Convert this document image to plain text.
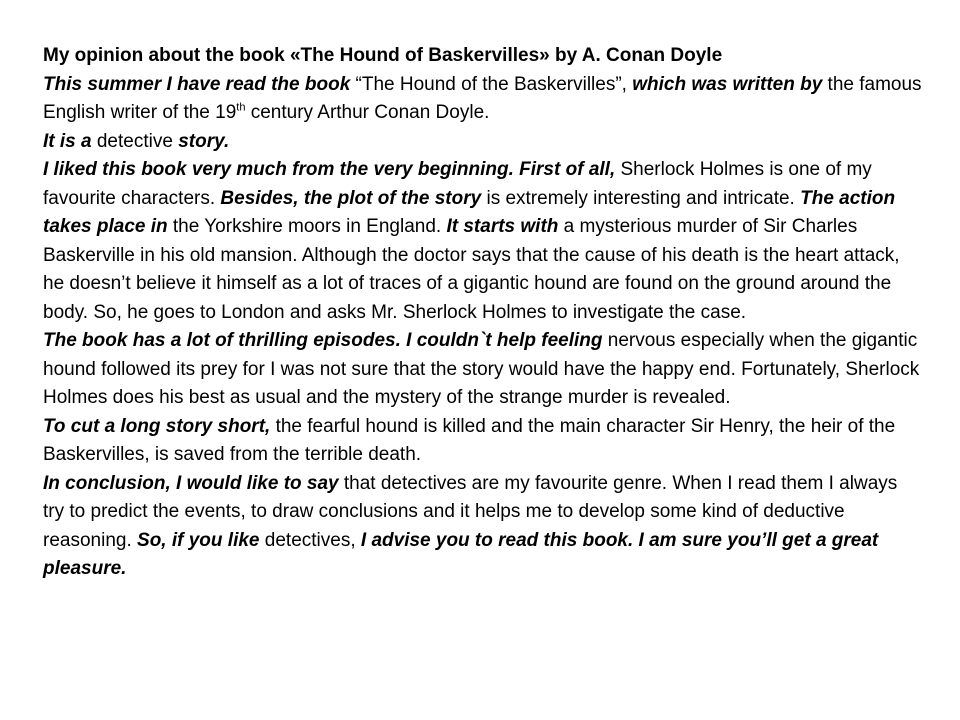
My opinion about the book «The Hound of Baskervilles» by A. Conan Doyle

This summer I have read the book “The Hound of the Baskervilles”, which was written by the famous English writer of the 19th century Arthur Conan Doyle.
It is a detective story.

I liked this book very much from the very beginning. First of all, Sherlock Holmes is one of my favourite characters. Besides, the plot of the story is extremely interesting and intricate. The action takes place in the Yorkshire moors in England. It starts with a mysterious murder of Sir Charles Baskerville in his old mansion. Although the doctor says that the cause of his death is the heart attack, he doesn’t believe it himself as a lot of traces of a gigantic hound are found on the ground around the body. So, he goes to London and asks Mr. Sherlock Holmes to investigate the case.

The book has a lot of thrilling episodes. I couldn`t help feeling nervous especially when the gigantic hound followed its prey for I was not sure that the story would have the happy end. Fortunately, Sherlock Holmes does his best as usual and the mystery of the strange murder is revealed.

To cut a long story short, the fearful hound is killed and the main character Sir Henry, the heir of the Baskervilles, is saved from the terrible death.

In conclusion, I would like to say that detectives are my favourite genre. When I read them I always try to predict the events, to draw conclusions and it helps me to develop some kind of deductive reasoning. So, if you like detectives, I advise you to read this book. I am sure you’ll get a great pleasure.
